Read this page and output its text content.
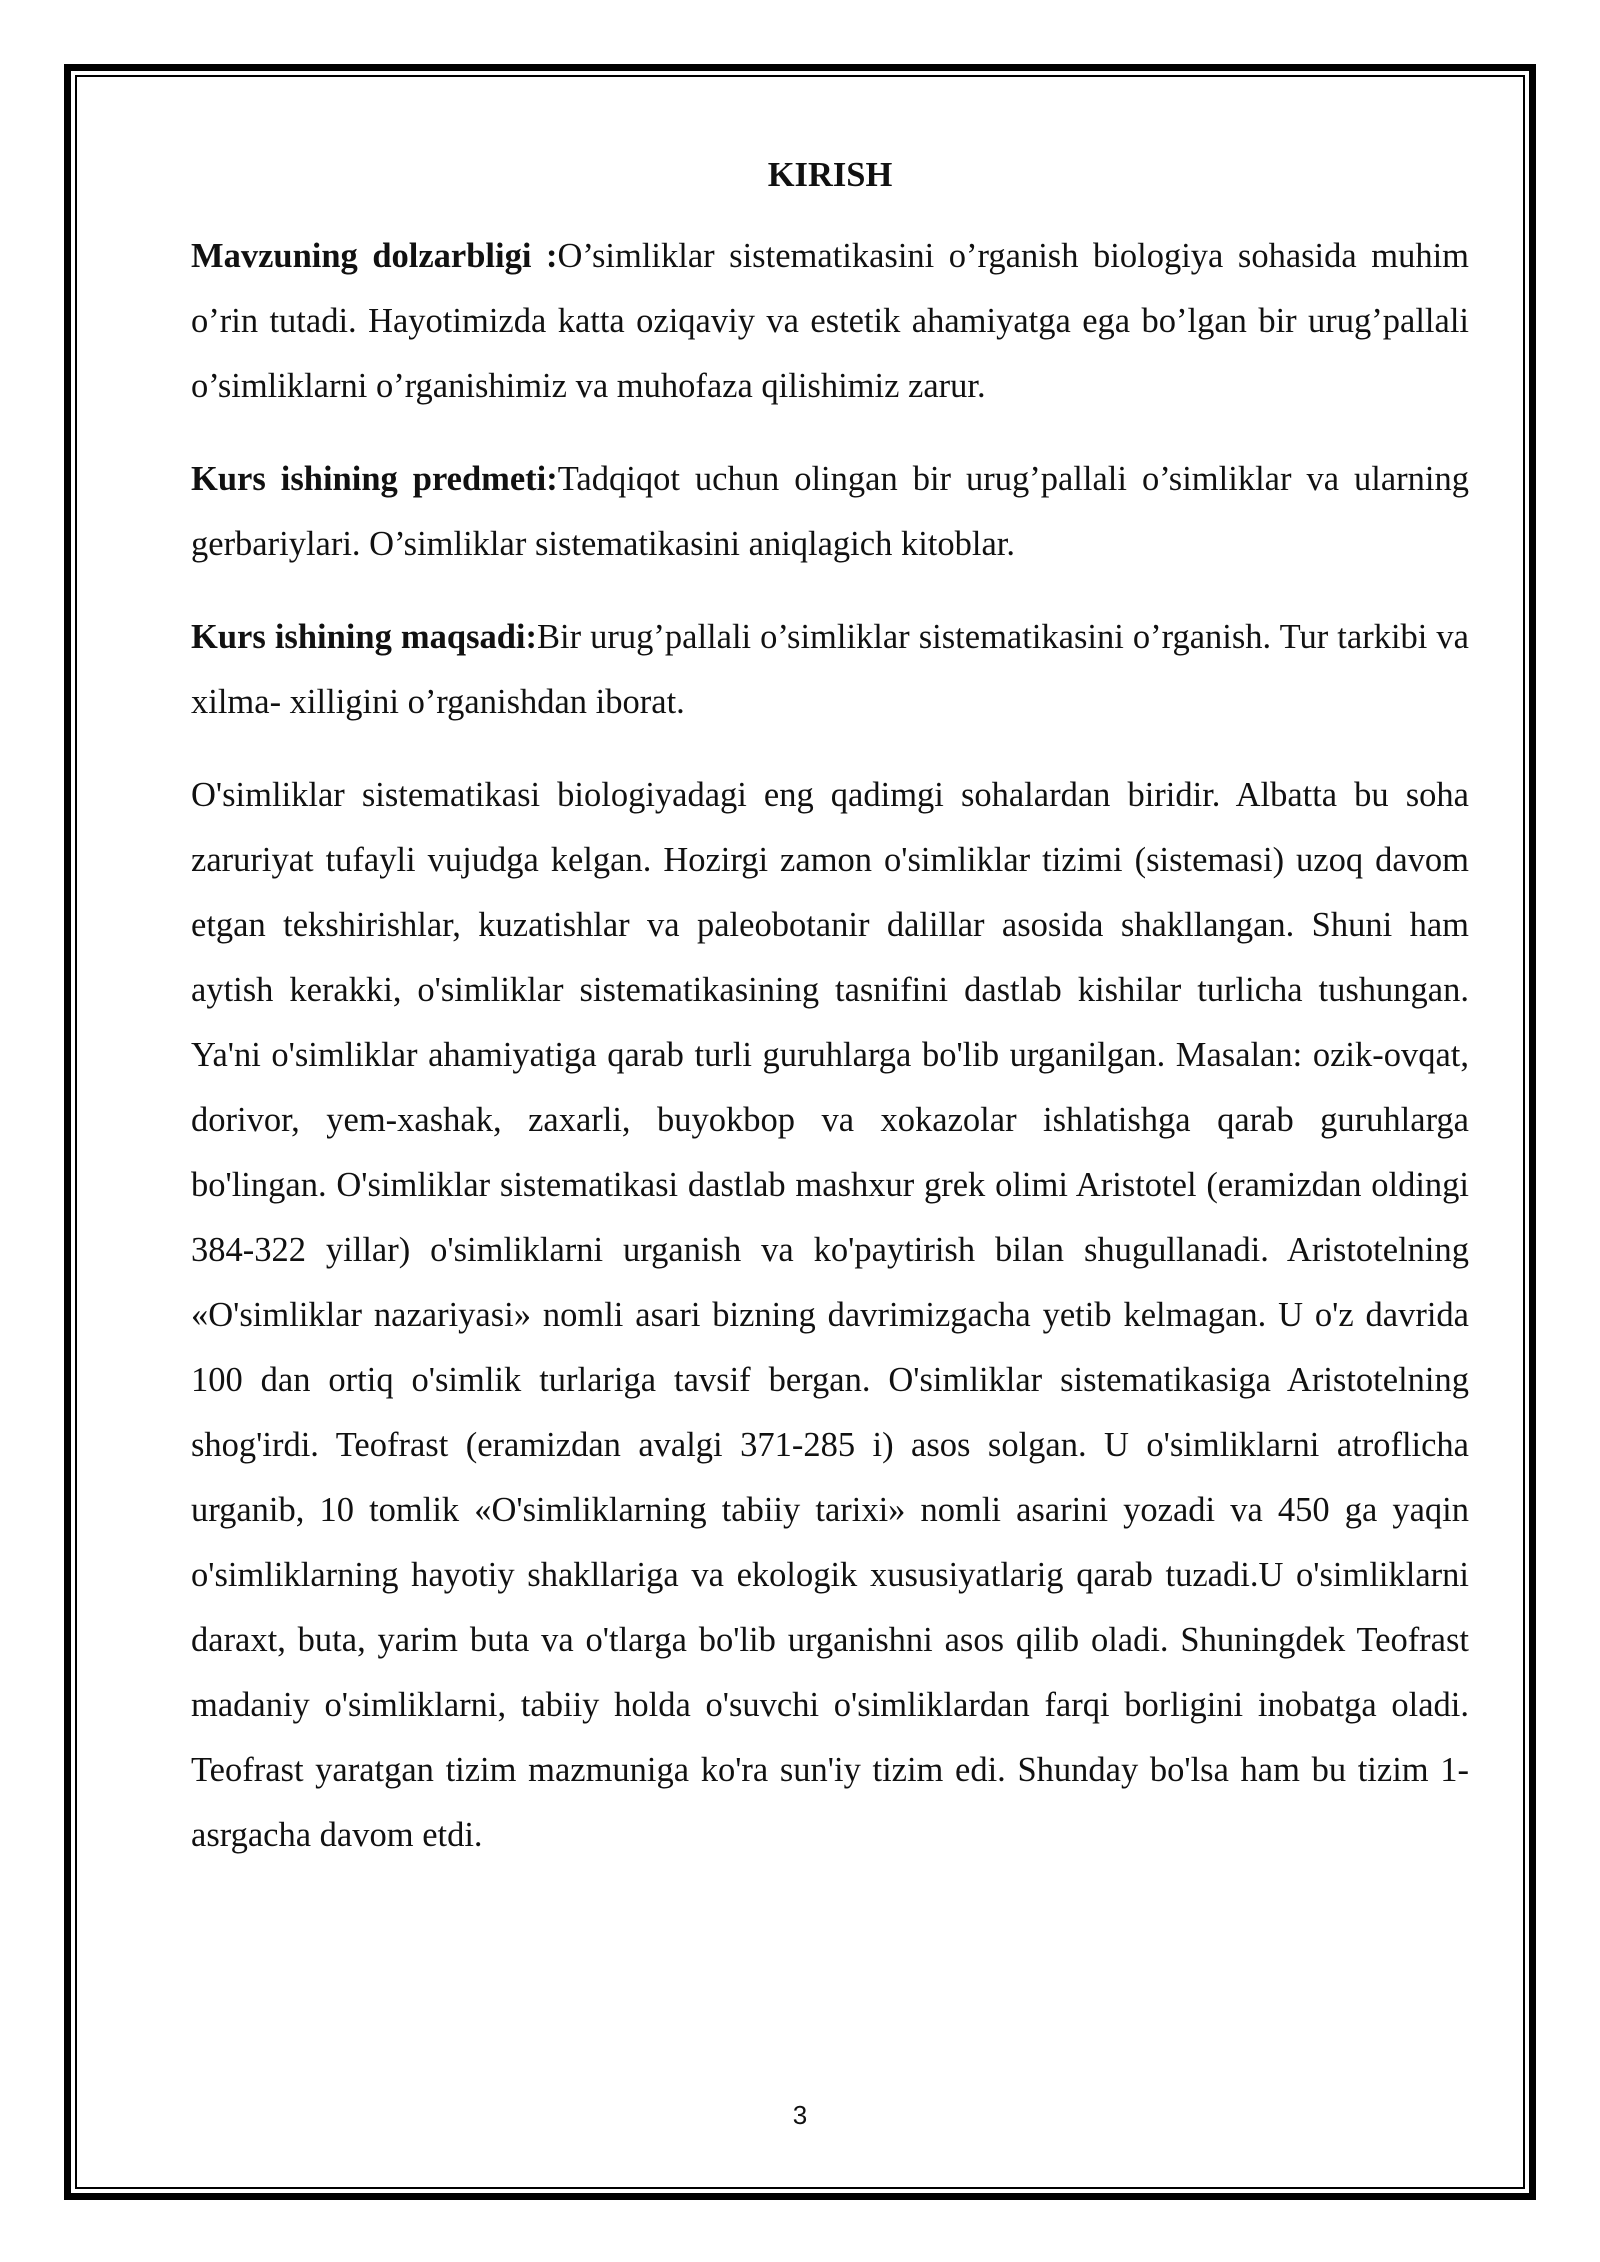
KIRISH

Mavzuning dolzarbligi :O’simliklar sistematikasini o’rganish biologiya sohasida muhim o’rin tutadi. Hayotimizda katta oziqaviy va estetik ahamiyatga ega bo’lgan bir urug’pallali o’simliklarni o’rganishimiz va muhofaza qilishimiz zarur.

Kurs ishining predmeti:Tadqiqot uchun olingan bir urug’pallali o’simliklar va ularning gerbariylari. O’simliklar sistematikasini aniqlagich kitoblar.

Kurs ishining maqsadi:Bir urug’pallali o’simliklar sistematikasini o’rganish. Tur tarkibi va xilma- xilligini o’rganishdan iborat.

O'simliklar sistematikasi biologiyadagi eng qadimgi sohalardan biridir. Albatta bu soha zaruriyat tufayli vujudga kelgan. Hozirgi zamon o'simliklar tizimi (sistemasi) uzoq davom etgan tekshirishlar, kuzatishlar va paleobotanir dalillar asosida shakllangan. Shuni ham aytish kerakki, o'simliklar sistematikasining tasnifini dastlab kishilar turlicha tushungan. Ya'ni o'simliklar ahamiyatiga qarab turli guruhlarga bo'lib urganilgan. Masalan: ozik-ovqat, dorivor, yem-xashak, zaxarli, buyokbop va xokazolar ishlatishga qarab guruhlarga bo'lingan. O'simliklar sistematikasi dastlab mashxur grek olimi Aristotel (eramizdan oldingi 384-322 yillar) o'simliklarni urganish va ko'paytirish bilan shugullanadi. Aristotelning «O'simliklar nazariyasi» nomli asari bizning davrimizgacha yetib kelmagan. U o'z davrida 100 dan ortiq o'simlik turlariga tavsif bergan. O'simliklar sistematikasiga Aristotelning shog'irdi. Teofrast (eramizdan avalgi 371-285 i) asos solgan. U o'simliklarni atroflicha urganib, 10 tomlik «O'simliklarning tabiiy tarixi» nomli asarini yozadi va 450 ga yaqin o'simliklarning hayotiy shakllariga va ekologik xususiyatlarig qarab tuzadi.U o'simliklarni daraxt, buta, yarim buta va o'tlarga bo'lib urganishni asos qilib oladi. Shuningdek Teofrast madaniy o'simliklarni, tabiiy holda o'suvchi o'simliklardan farqi borligini inobatga oladi. Teofrast yaratgan tizim mazmuniga ko'ra sun'iy tizim edi. Shunday bo'lsa ham bu tizim 1-asrgacha davom etdi.

3
